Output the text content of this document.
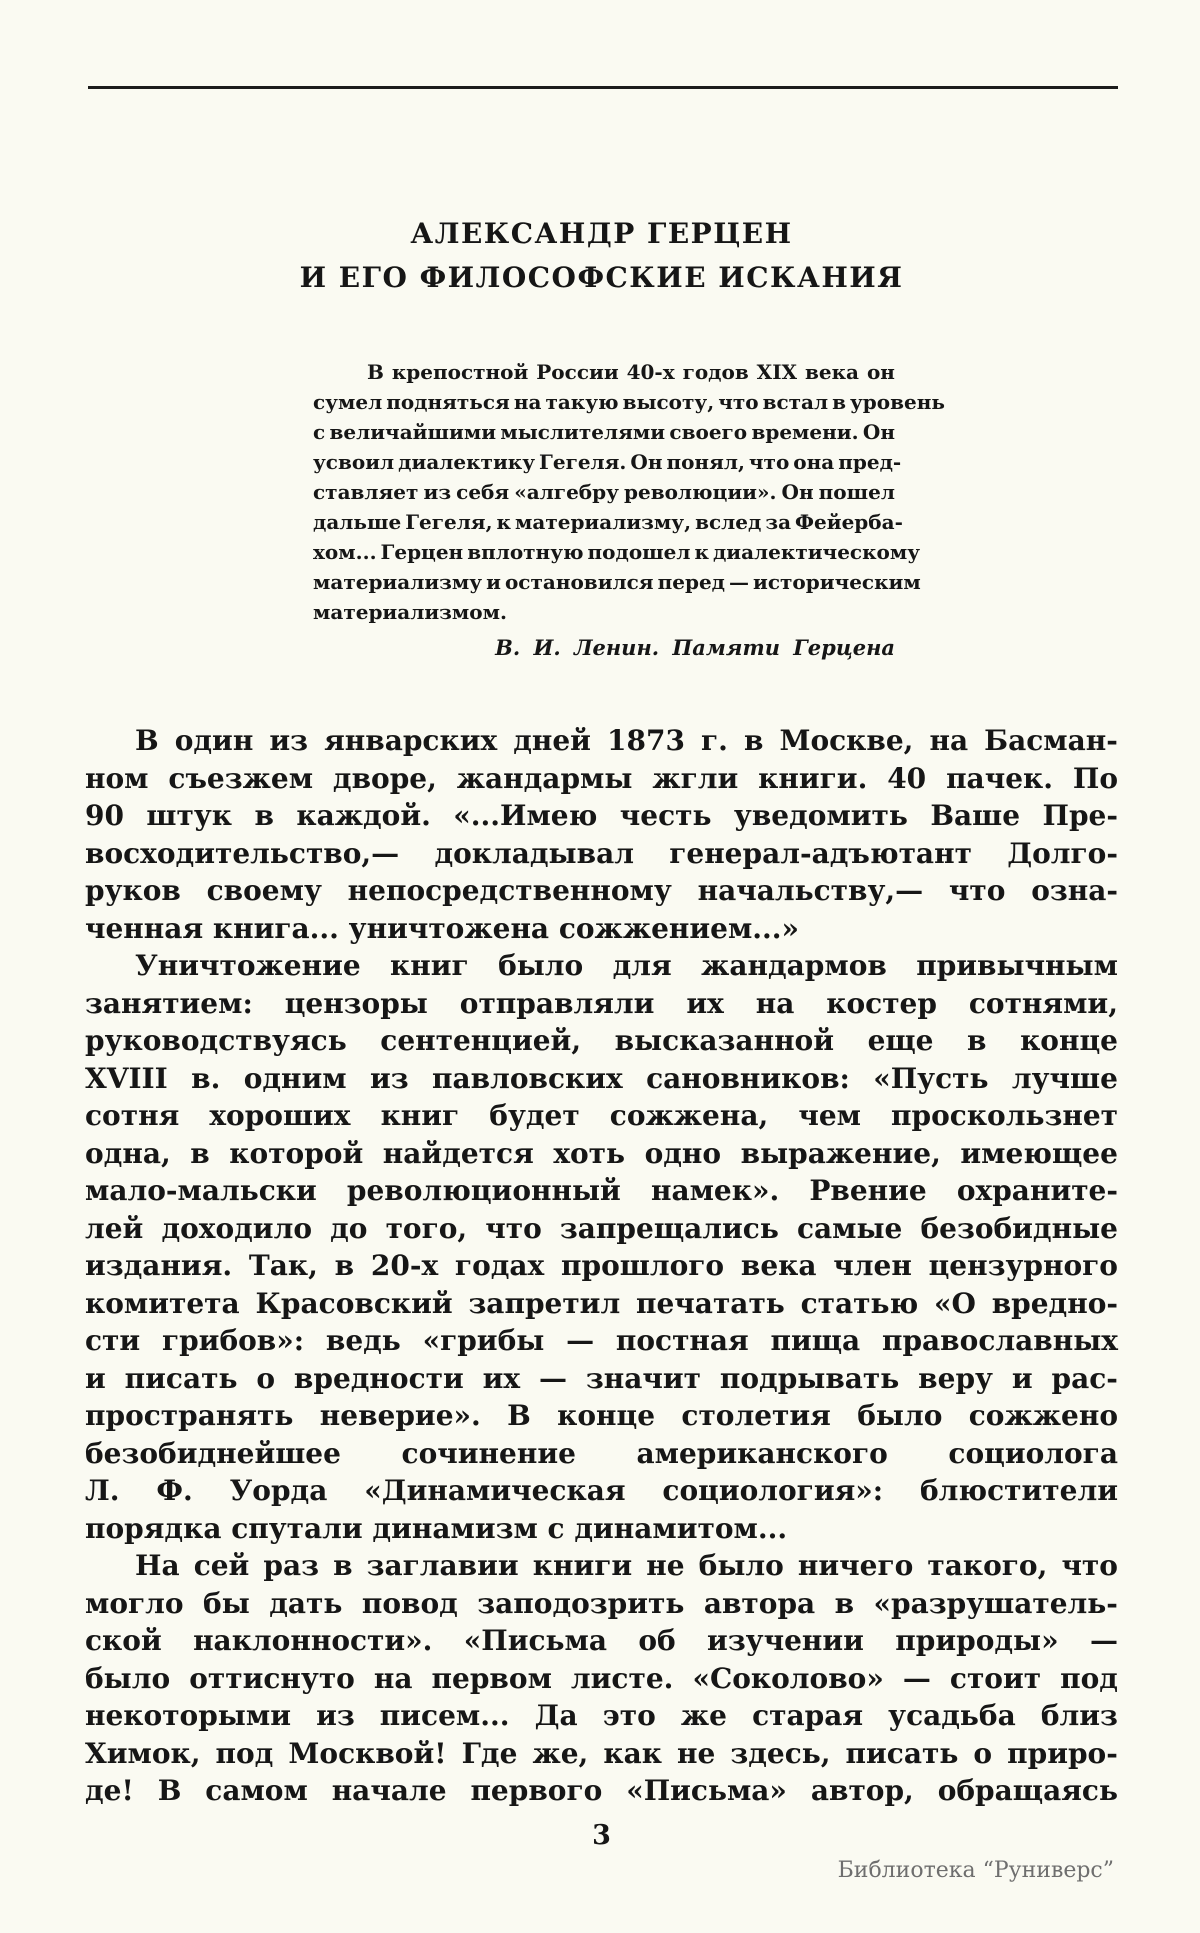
АЛЕКСАНДР ГЕРЦЕН
И ЕГО ФИЛОСОФСКИЕ ИСКАНИЯ
В крепостной России 40-х годов XIX века он
сумел подняться на такую высоту, что встал в уровень
с величайшими мыслителями своего времени. Он
усвоил диалектику Гегеля. Он понял, что она пред-
ставляет из себя «алгебру революции». Он пошел
дальше Гегеля, к материализму, вслед за Фейерба-
хом... Герцен вплотную подошел к диалектическому
материализму и остановился перед — историческим
материализмом.
В. И. Ленин. Памяти Герцена
В один из январских дней 1873 г. в Москве, на Басман-
ном съезжем дворе, жандармы жгли книги. 40 пачек. По
90 штук в каждой. «...Имею честь уведомить Ваше Пре-
восходительство,— докладывал генерал-адъютант Долго-
руков своему непосредственному начальству,— что озна-
ченная книга... уничтожена сожжением...»
Уничтожение книг было для жандармов привычным
занятием: цензоры отправляли их на костер сотнями,
руководствуясь сентенцией, высказанной еще в конце
XVIII в. одним из павловских сановников: «Пусть лучше
сотня хороших книг будет сожжена, чем проскользнет
одна, в которой найдется хоть одно выражение, имеющее
мало-мальски революционный намек». Рвение охраните-
лей доходило до того, что запрещались самые безобидные
издания. Так, в 20-х годах прошлого века член цензурного
комитета Красовский запретил печатать статью «О вредно-
сти грибов»: ведь «грибы — постная пища православных
и писать о вредности их — значит подрывать веру и рас-
пространять неверие». В конце столетия было сожжено
безобиднейшее сочинение американского социолога
Л. Ф. Уорда «Динамическая социология»: блюстители
порядка спутали динамизм с динамитом...
На сей раз в заглавии книги не было ничего такого, что
могло бы дать повод заподозрить автора в «разрушатель-
ской наклонности». «Письма об изучении природы» —
было оттиснуто на первом листе. «Соколово» — стоит под
некоторыми из писем... Да это же старая усадьба близ
Химок, под Москвой! Где же, как не здесь, писать о приро-
де! В самом начале первого «Письма» автор, обращаясь
3
Библиотека “Руниверс”
